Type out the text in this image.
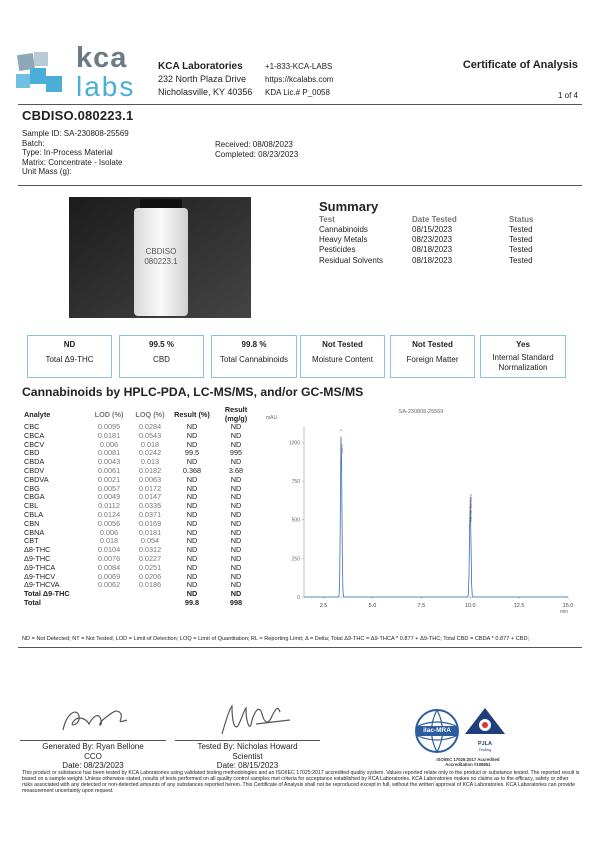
kca
labs
KCA Laboratories
232 North Plaza Drive
Nicholasville, KY 40356
+1-833-KCA-LABS
https://kcalabs.com
KDA Lic.# P_0058
Certificate of Analysis
1 of 4
CBDISO.080223.1
Sample ID: SA-230808-25569
Batch:
Type: In-Process Material
Matrix: Concentrate - Isolate
Unit Mass (g):
Received: 08/08/2023
Completed: 08/23/2023
CBDISO
080223.1
Summary
Test	Date Tested	Status
Cannabinoids	08/15/2023	Tested
Heavy Metals	08/23/2023	Tested
Pesticides	08/18/2023	Tested
Residual Solvents	08/18/2023	Tested
ND
Total Δ9-THC
99.5 %
CBD
99.8 %
Total Cannabinoids
Not Tested
Moisture Content
Not Tested
Foreign Matter
Yes
Internal Standard Normalization
Cannabinoids by HPLC-PDA, LC-MS/MS, and/or GC-MS/MS
Analyte	LOD (%)	LOQ (%)	Result (%)	Result (mg/g)
CBC	0.0095	0.0284	ND	ND
CBCA	0.0181	0.0543	ND	ND
CBCV	0.006	0.018	ND	ND
CBD	0.0081	0.0242	99.5	995
CBDA	0.0043	0.013	ND	ND
CBDV	0.0061	0.0182	0.368	3.68
CBDVA	0.0021	0.0063	ND	ND
CBG	0.0057	0.0172	ND	ND
CBGA	0.0049	0.0147	ND	ND
CBL	0.0112	0.0335	ND	ND
CBLA	0.0124	0.0371	ND	ND
CBN	0.0056	0.0169	ND	ND
CBNA	0.006	0.0181	ND	ND
CBT	0.018	0.054	ND	ND
Δ8-THC	0.0104	0.0312	ND	ND
Δ9-THC	0.0076	0.0227	ND	ND
Δ9-THCA	0.0084	0.0251	ND	ND
Δ9-THCV	0.0069	0.0206	ND	ND
Δ9-THCVA	0.0062	0.0186	ND	ND
Total Δ9-THC			ND	ND
Total			99.8	998
SA-230808-25569
mAU
1000
750
500
250
0
2.5	5.0	7.5	10.0	12.5	15.0
min
CBDV
Internal Standard
ND = Not Detected; NT = Not Tested; LOD = Limit of Detection; LOQ = Limit of Quantitation; RL = Reporting Limit; Δ = Delta; Total Δ9-THC = Δ9-THCA * 0.877 + Δ9-THC; Total CBD = CBDA * 0.877 + CBD;
Generated By: Ryan Bellone
CCO
Date: 08/23/2023
Tested By: Nicholas Howard
Scientist
Date: 08/15/2023
ilac-MRA
PJLA
Testing
ISO/IEC 17025:2017 Accredited
Accreditation #108651
This product or substance has been tested by KCA Laboratories using validated testing methodologies and an ISO/IEC 17025:2017 accredited quality system. Values reported relate only to the product or substance tested. The reported result is based on a sample weight. Unless otherwise stated, results of tests performed on all quality control samples met criteria for acceptance established by KCA Laboratories. KCA Laboratories makes no claims as to the efficacy, safety or other risks associated with any detected or non-detected amounts of any substances reported herein. This Certificate of Analysis shall not be reproduced except in full, without the written approval of KCA Laboratories. KCA Laboratories can provide measurement uncertainty upon request.
